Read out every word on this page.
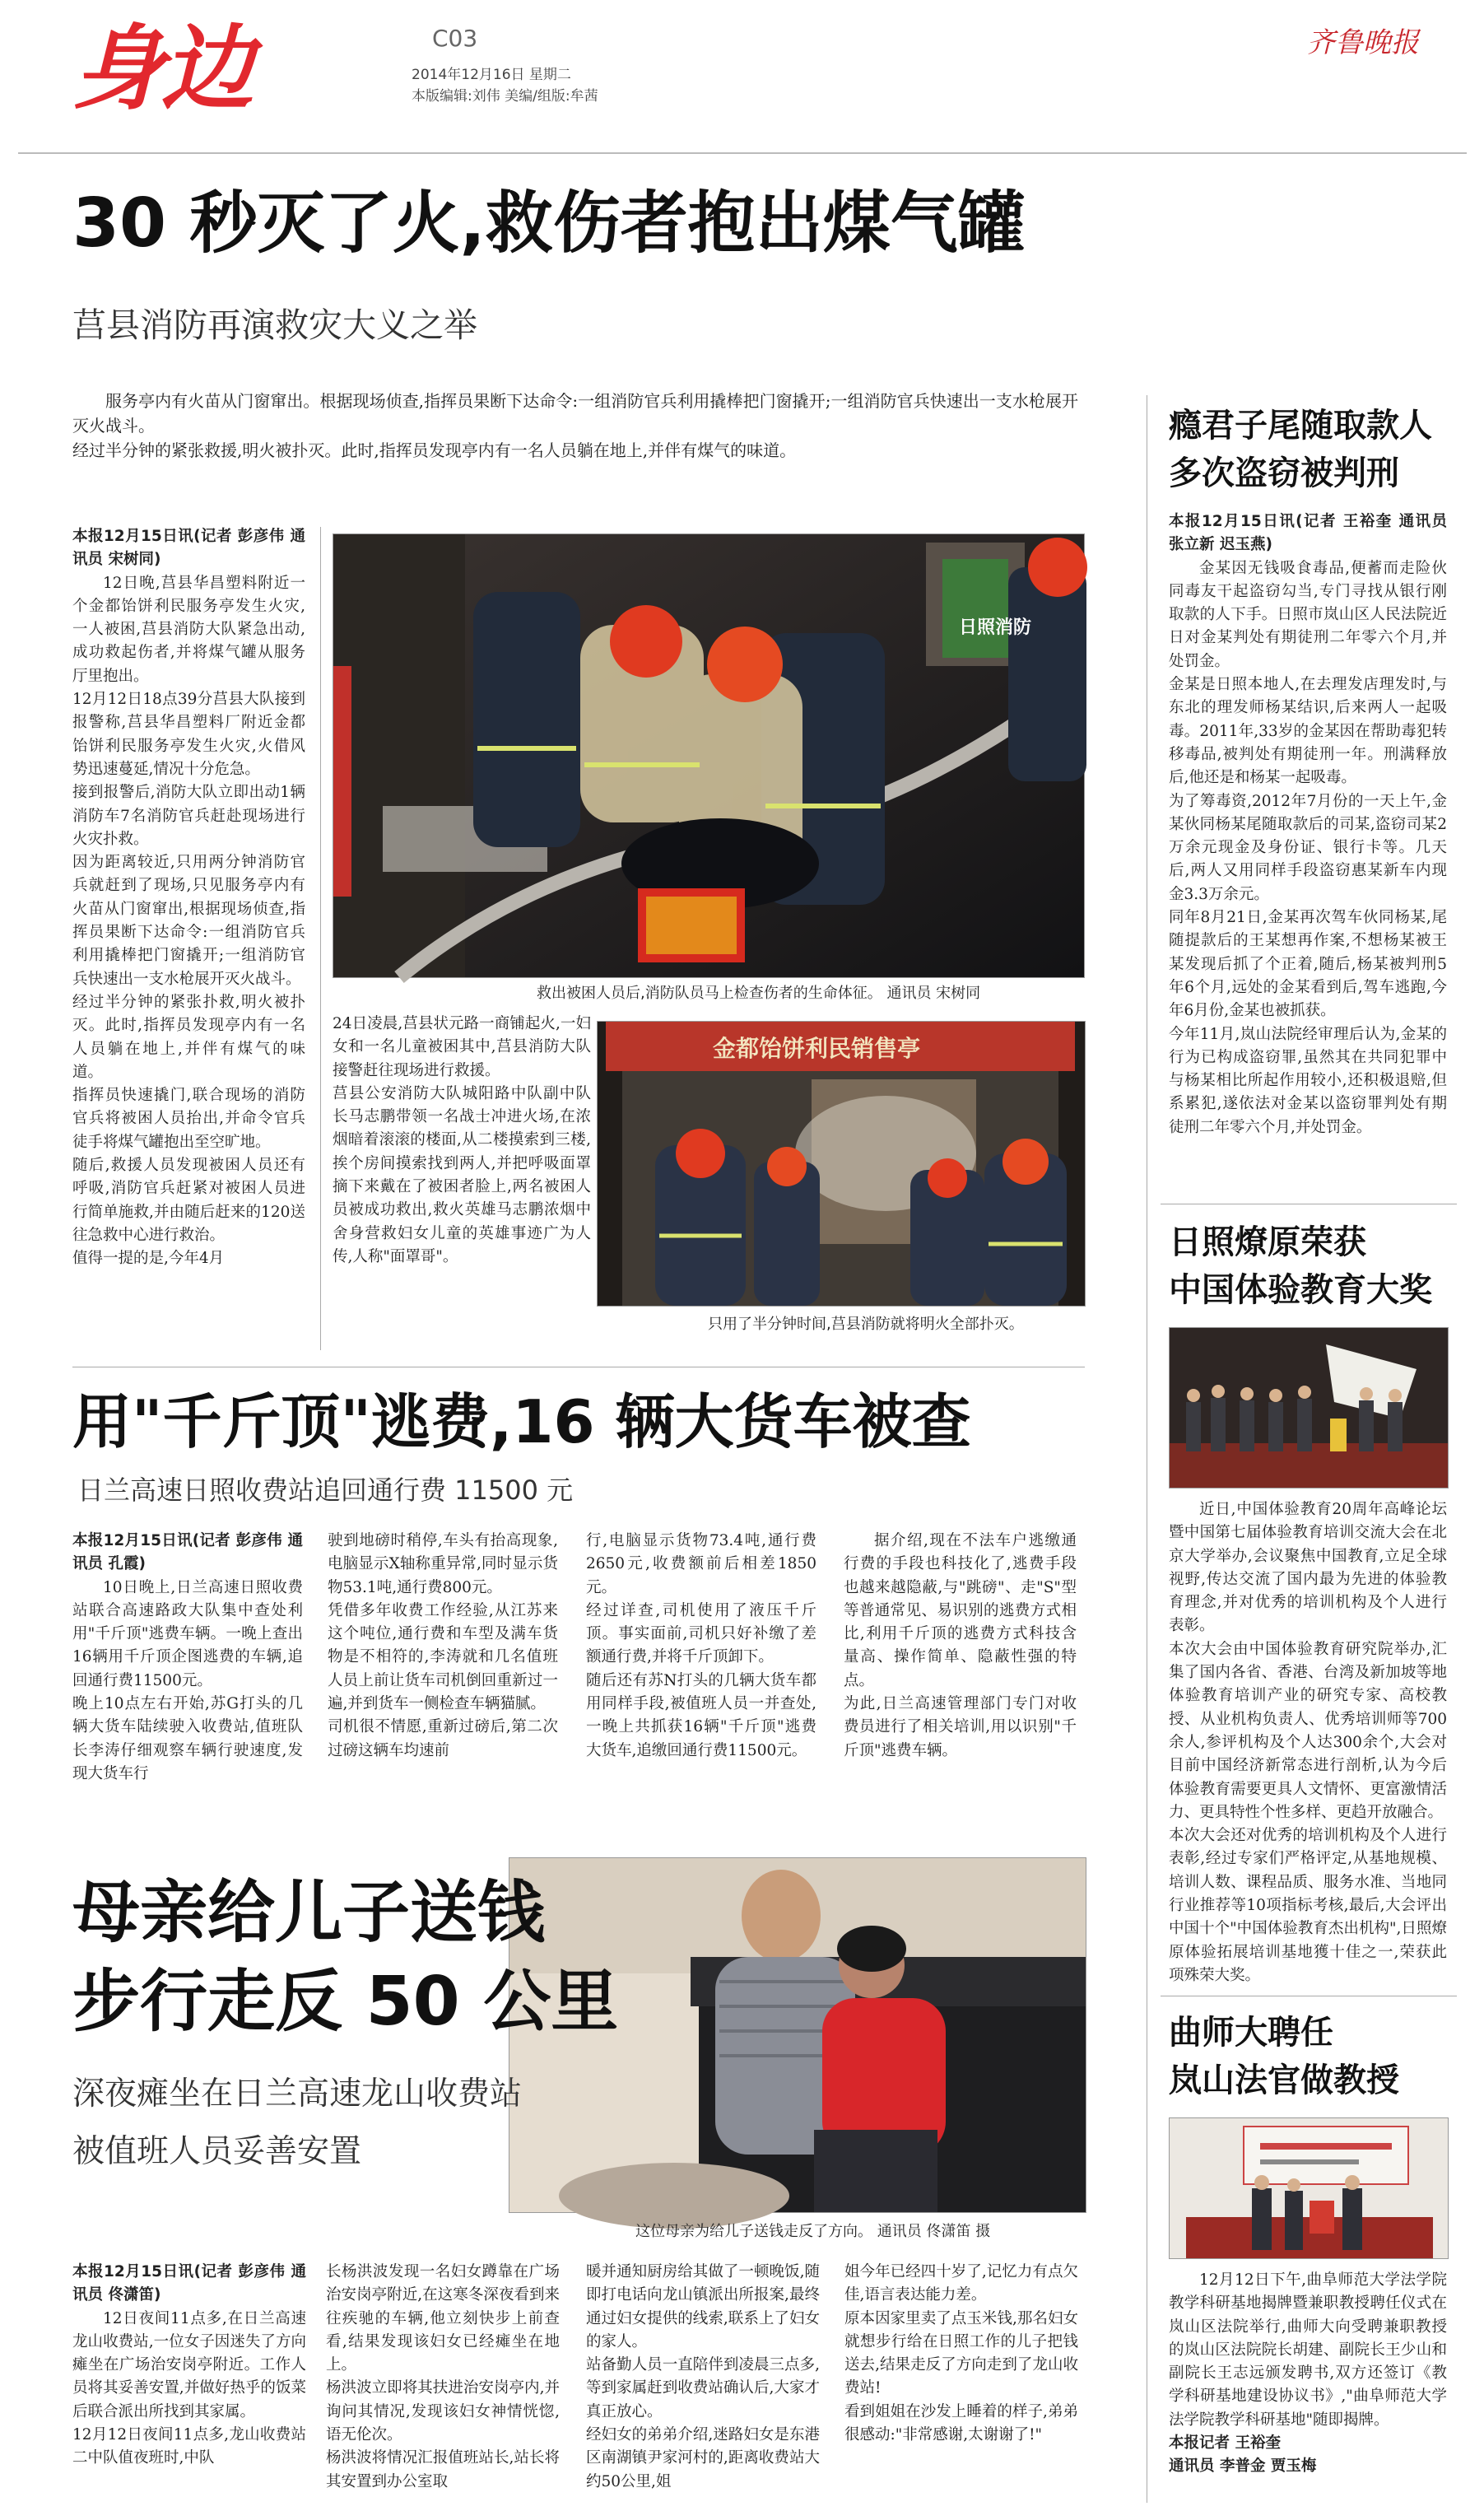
身边	C03
2014年12月16日 星期二
本版编辑:刘伟 美编/组版:牟茜
齐鲁晚报
30 秒灭了火,救伤者抱出煤气罐
莒县消防再演救灾大义之举

服务亭内有火苗从门窗窜出。根据现场侦查,指挥员果断下达命令:一组消防官兵利用撬棒把门窗撬开;一组消防官兵快速出一支水枪展开灭火战斗。
经过半分钟的紧张救援,明火被扑灭。此时,指挥员发现亭内有一名人员躺在地上,并伴有煤气的味道。

本报12月15日讯(记者 彭彦伟 通讯员 宋树同)

12日晚,莒县华昌塑料附近一个金都饴饼利民服务亭发生火灾,一人被困,莒县消防大队紧急出动,成功救起伤者,并将煤气罐从服务厅里抱出。
12月12日18点39分莒县大队接到报警称,莒县华昌塑料厂附近金都饴饼利民服务亭发生火灾,火借风势迅速蔓延,情况十分危急。
接到报警后,消防大队立即出动1辆消防车7名消防官兵赶赴现场进行火灾扑救。
因为距离较近,只用两分钟消防官兵就赶到了现场,只见服务亭内有火苗从门窗窜出,根据现场侦查,指挥员果断下达命令:一组消防官兵利用撬棒把门窗撬开;一组消防官兵快速出一支水枪展开灭火战斗。
经过半分钟的紧张扑救,明火被扑灭。此时,指挥员发现亭内有一名人员躺在地上,并伴有煤气的味道。
指挥员快速撬门,联合现场的消防官兵将被困人员抬出,并命令官兵徒手将煤气罐抱出至空旷地。
随后,救援人员发现被困人员还有呼吸,消防官兵赶紧对被困人员进行简单施救,并由随后赶来的120送往急救中心进行救治。
值得一提的是,今年4月

日照消防
救出被困人员后,消防队员马上检查伤者的生命体征。 通讯员 宋树同

24日凌晨,莒县状元路一商铺起火,一妇女和一名儿童被困其中,莒县消防大队接警赶往现场进行救援。
莒县公安消防大队城阳路中队副中队长马志鹏带领一名战士冲进火场,在浓烟暗着滚滚的楼面,从二楼摸索到三楼,挨个房间摸索找到两人,并把呼吸面罩摘下来戴在了被困者脸上,两名被困人员被成功救出,救火英雄马志鹏浓烟中舍身营救妇女儿童的英雄事迹广为人传,人称"面罩哥"。

金都饴饼利民销售亭
只用了半分钟时间,莒县消防就将明火全部扑灭。
用"千斤顶"逃费,16 辆大货车被查
日兰高速日照收费站追回通行费 11500 元

本报12月15日讯(记者 彭彦伟 通讯员 孔霞)

10日晚上,日兰高速日照收费站联合高速路政大队集中查处利用"千斤顶"逃费车辆。一晚上查出16辆用千斤顶企图逃费的车辆,追回通行费11500元。
晚上10点左右开始,苏G打头的几辆大货车陆续驶入收费站,值班队长李涛仔细观察车辆行驶速度,发现大货车行

驶到地磅时稍停,车头有抬高现象,电脑显示X轴称重异常,同时显示货物53.1吨,通行费800元。
凭借多年收费工作经验,从江苏来这个吨位,通行费和车型及满车货物是不相符的,李涛就和几名值班人员上前让货车司机倒回重新过一遍,并到货车一侧检查车辆猫腻。
司机很不情愿,重新过磅后,第二次过磅这辆车均速前

行,电脑显示货物73.4吨,通行费2650元,收费额前后相差1850元。
经过详查,司机使用了液压千斤顶。事实面前,司机只好补缴了差额通行费,并将千斤顶卸下。
随后还有苏N打头的几辆大货车都用同样手段,被值班人员一并查处,一晚上共抓获16辆"千斤顶"逃费大货车,追缴回通行费11500元。

据介绍,现在不法车户逃缴通行费的手段也科技化了,逃费手段也越来越隐蔽,与"跳磅"、走"S"型等普通常见、易识别的逃费方式相比,利用千斤顶的逃费方式科技含量高、操作简单、隐蔽性强的特点。
为此,日兰高速管理部门专门对收费员进行了相关培训,用以识别"千斤顶"逃费车辆。

母亲给儿子送钱
步行走反 50 公里
深夜瘫坐在日兰高速龙山收费站
被值班人员妥善安置
这位母亲为给儿子送钱走反了方向。 通讯员 佟潇笛 摄

本报12月15日讯(记者 彭彦伟 通讯员 佟潇笛)

12日夜间11点多,在日兰高速龙山收费站,一位女子因迷失了方向瘫坐在广场治安岗亭附近。工作人员将其妥善安置,并做好热乎的饭菜后联合派出所找到其家属。
12月12日夜间11点多,龙山收费站二中队值夜班时,中队

长杨洪波发现一名妇女蹲靠在广场治安岗亭附近,在这寒冬深夜看到来往疾驰的车辆,他立刻快步上前查看,结果发现该妇女已经瘫坐在地上。
杨洪波立即将其扶进治安岗亭内,并询问其情况,发现该妇女神情恍惚,语无伦次。
杨洪波将情况汇报值班站长,站长将其安置到办公室取

暖并通知厨房给其做了一顿晚饭,随即打电话向龙山镇派出所报案,最终通过妇女提供的线索,联系上了妇女的家人。
站备勤人员一直陪伴到凌晨三点多,等到家属赶到收费站确认后,大家才真正放心。
经妇女的弟弟介绍,迷路妇女是东港区南湖镇尹家河村的,距离收费站大约50公里,姐

姐今年已经四十岁了,记忆力有点欠佳,语言表达能力差。
原本因家里卖了点玉米钱,那名妇女就想步行给在日照工作的儿子把钱送去,结果走反了方向走到了龙山收费站!
看到姐姐在沙发上睡着的样子,弟弟很感动:"非常感谢,太谢谢了!"

瘾君子尾随取款人
多次盗窃被判刑

本报12月15日讯(记者 王裕奎 通讯员 张立新 迟玉燕)

金某因无钱吸食毒品,便蓄而走险伙同毒友干起盗窃勾当,专门寻找从银行刚取款的人下手。日照市岚山区人民法院近日对金某判处有期徒刑二年零六个月,并处罚金。
金某是日照本地人,在去理发店理发时,与东北的理发师杨某结识,后来两人一起吸毒。2011年,33岁的金某因在帮助毒犯转移毒品,被判处有期徒刑一年。刑满释放后,他还是和杨某一起吸毒。
为了筹毒资,2012年7月份的一天上午,金某伙同杨某尾随取款后的司某,盗窃司某2万余元现金及身份证、银行卡等。几天后,两人又用同样手段盗窃惠某新车内现金3.3万余元。
同年8月21日,金某再次驾车伙同杨某,尾随提款后的王某想再作案,不想杨某被王某发现后抓了个正着,随后,杨某被判刑5年6个月,远处的金某看到后,驾车逃跑,今年6月份,金某也被抓获。
今年11月,岚山法院经审理后认为,金某的行为已构成盗窃罪,虽然其在共同犯罪中与杨某相比所起作用较小,还积极退赔,但系累犯,遂依法对金某以盗窃罪判处有期徒刑二年零六个月,并处罚金。

日照燎原荣获
中国体验教育大奖

近日,中国体验教育20周年高峰论坛暨中国第七届体验教育培训交流大会在北京大学举办,会议聚焦中国教育,立足全球视野,传达交流了国内最为先进的体验教育理念,并对优秀的培训机构及个人进行表彰。
本次大会由中国体验教育研究院举办,汇集了国内各省、香港、台湾及新加坡等地体验教育培训产业的研究专家、高校教授、从业机构负责人、优秀培训师等700余人,参评机构及个人达300余个,大会对目前中国经济新常态进行剖析,认为今后体验教育需要更具人文情怀、更富激情活力、更具特性个性多样、更趋开放融合。
本次大会还对优秀的培训机构及个人进行表彰,经过专家们严格评定,从基地规模、培训人数、课程品质、服务水准、当地同行业推荐等10项指标考核,最后,大会评出中国十个"中国体验教育杰出机构",日照燎原体验拓展培训基地獲十佳之一,荣获此项殊荣大奖。

曲师大聘任
岚山法官做教授

12月12日下午,曲阜师范大学法学院教学科研基地揭牌暨兼职教授聘任仪式在岚山区法院举行,曲师大向受聘兼职教授的岚山区法院院长胡建、副院长王少山和副院长王志远颁发聘书,双方还签订《教学科研基地建设协议书》,"曲阜师范大学法学院教学科研基地"随即揭牌。

本报记者 王裕奎
通讯员 李普金 贾玉梅
